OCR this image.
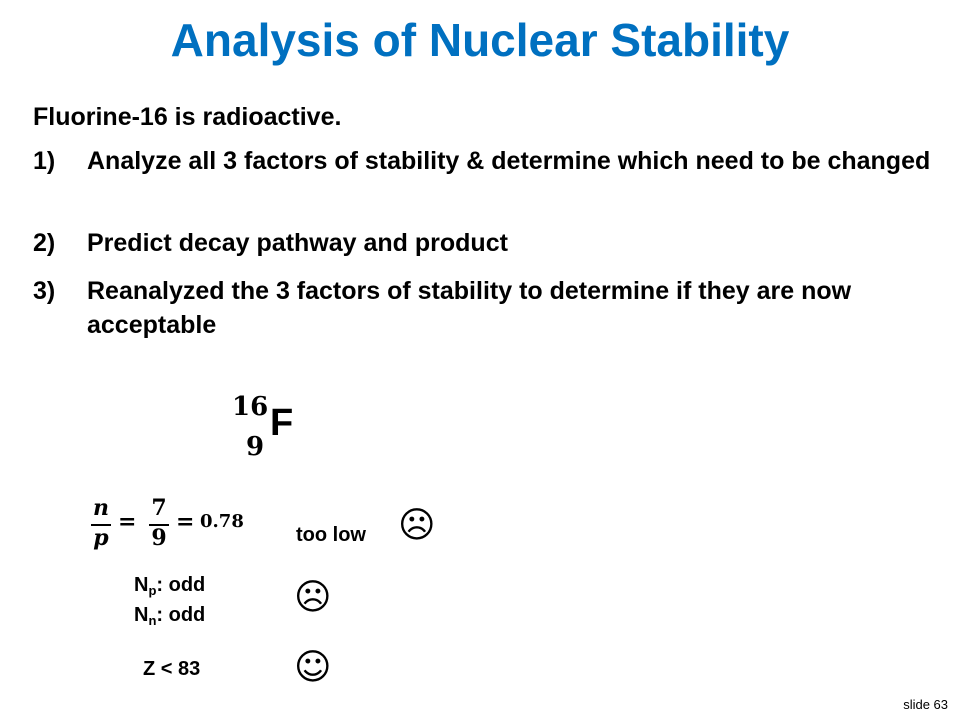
Analysis of Nuclear Stability
Fluorine-16 is radioactive.
1)	Analyze all 3 factors of stability & determine which need to be changed
2)	Predict decay pathway and product
3)	Reanalyzed the 3 factors of stability to determine if they are now acceptable
16
9
F
n
p
=
7
9
= 0.78
too low ☹
$N_p$: odd
$N_n$: odd ☹
Z < 83	☺
slide 63
